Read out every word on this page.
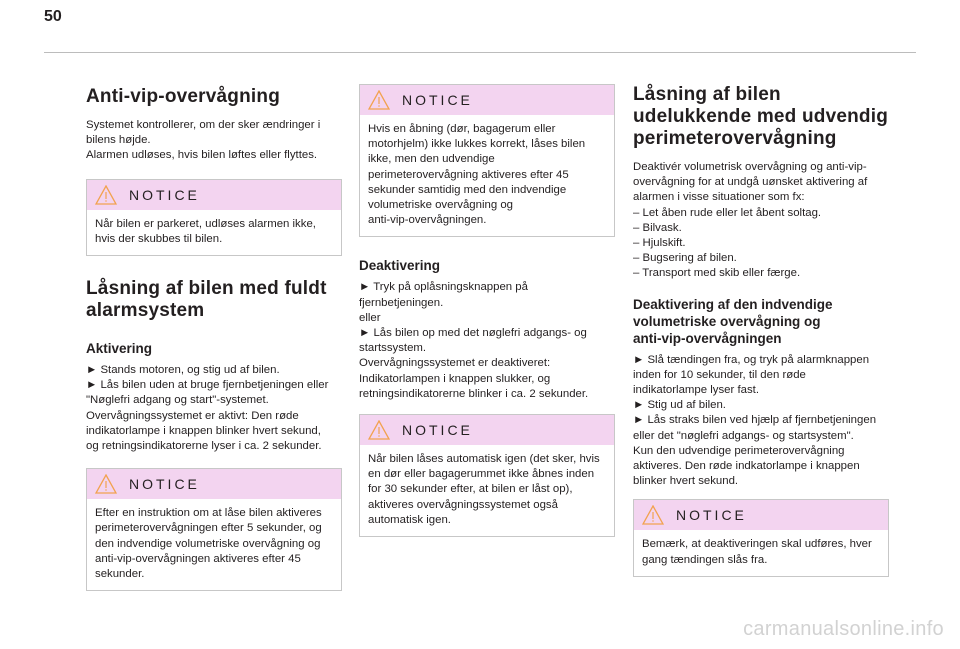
50
Anti-vip-overvågning

Systemet kontrollerer, om der sker ændringer i
bilens højde.
Alarmen udløses, hvis bilen løftes eller flyttes.

NOTICE
Når bilen er parkeret, udløses alarmen ikke,
hvis der skubbes til bilen.
Låsning af bilen med fuldt
alarmsystem
Aktivering

► Stands motoren, og stig ud af bilen.
► Lås bilen uden at bruge fjernbetjeningen eller
"Nøglefri adgang og start"-systemet.
Overvågningssystemet er aktivt: Den røde
indikatorlampe i knappen blinker hvert sekund,
og retningsindikatorerne lyser i ca. 2 sekunder.

NOTICE
Efter en instruktion om at låse bilen aktiveres
perimeterovervågningen efter 5 sekunder, og
den indvendige volumetriske overvågning og
anti-vip-overvågningen aktiveres efter 45
sekunder.
NOTICE
Hvis en åbning (dør, bagagerum eller
motorhjelm) ikke lukkes korrekt, låses bilen
ikke, men den udvendige
perimeterovervågning aktiveres efter 45
sekunder samtidig med den indvendige
volumetriske overvågning og
anti-vip-overvågningen.
Deaktivering

► Tryk på oplåsningsknappen på
fjernbetjeningen.
eller
► Lås bilen op med det nøglefri adgangs- og
startssystem.
Overvågningssystemet er deaktiveret:
Indikatorlampen i knappen slukker, og
retningsindikatorerne blinker i ca. 2 sekunder.

NOTICE
Når bilen låses automatisk igen (det sker, hvis
en dør eller bagagerummet ikke åbnes inden
for 30 sekunder efter, at bilen er låst op),
aktiveres overvågningssystemet også
automatisk igen.
Låsning af bilen
udelukkende med udvendig
perimeterovervågning

Deaktivér volumetrisk overvågning og anti-vip-
overvågning for at undgå uønsket aktivering af
alarmen i visse situationer som fx:
– Let åben rude eller let åbent soltag.
– Bilvask.
– Hjulskift.
– Bugsering af bilen.
– Transport med skib eller færge.

Deaktivering af den indvendige
volumetriske overvågning og
anti-vip-overvågningen

► Slå tændingen fra, og tryk på alarmknappen
inden for 10 sekunder, til den røde
indikatorlampe lyser fast.
► Stig ud af bilen.
► Lås straks bilen ved hjælp af fjernbetjeningen
eller det "nøglefri adgangs- og startsystem".
Kun den udvendige perimeterovervågning
aktiveres. Den røde indkatorlampe i knappen
blinker hvert sekund.

NOTICE
Bemærk, at deaktiveringen skal udføres, hver
gang tændingen slås fra.
carmanualsonline.info
